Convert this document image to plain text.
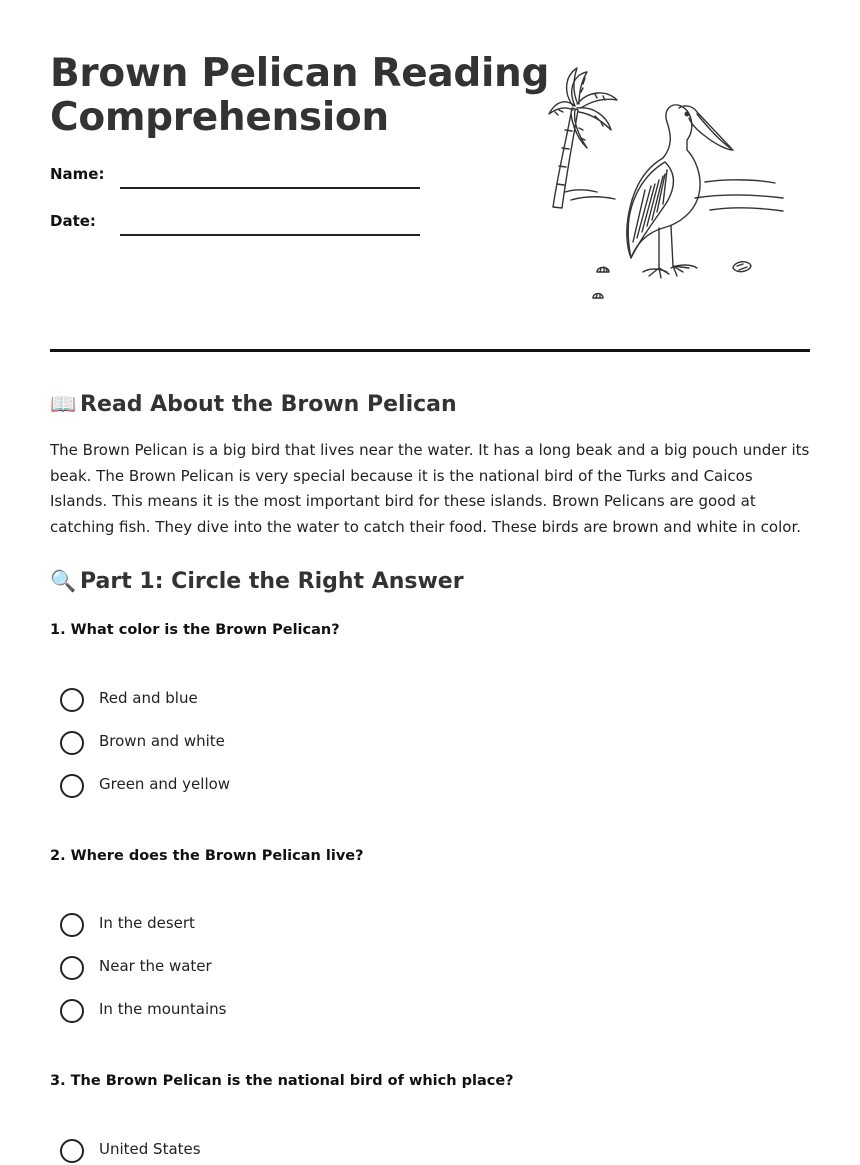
Brown Pelican Reading
Comprehension
Name:
Date:
📖 Read About the Brown Pelican

The Brown Pelican is a big bird that lives near the water. It has a long beak and a big pouch under its beak. The Brown Pelican is very special because it is the national bird of the Turks and Caicos Islands. This means it is the most important bird for these islands. Brown Pelicans are good at catching fish. They dive into the water to catch their food. These birds are brown and white in color.

🔍 Part 1: Circle the Right Answer

1. What color is the Brown Pelican?

Red and blue
Brown and white
Green and yellow

2. Where does the Brown Pelican live?

In the desert
Near the water
In the mountains

3. The Brown Pelican is the national bird of which place?

United States
